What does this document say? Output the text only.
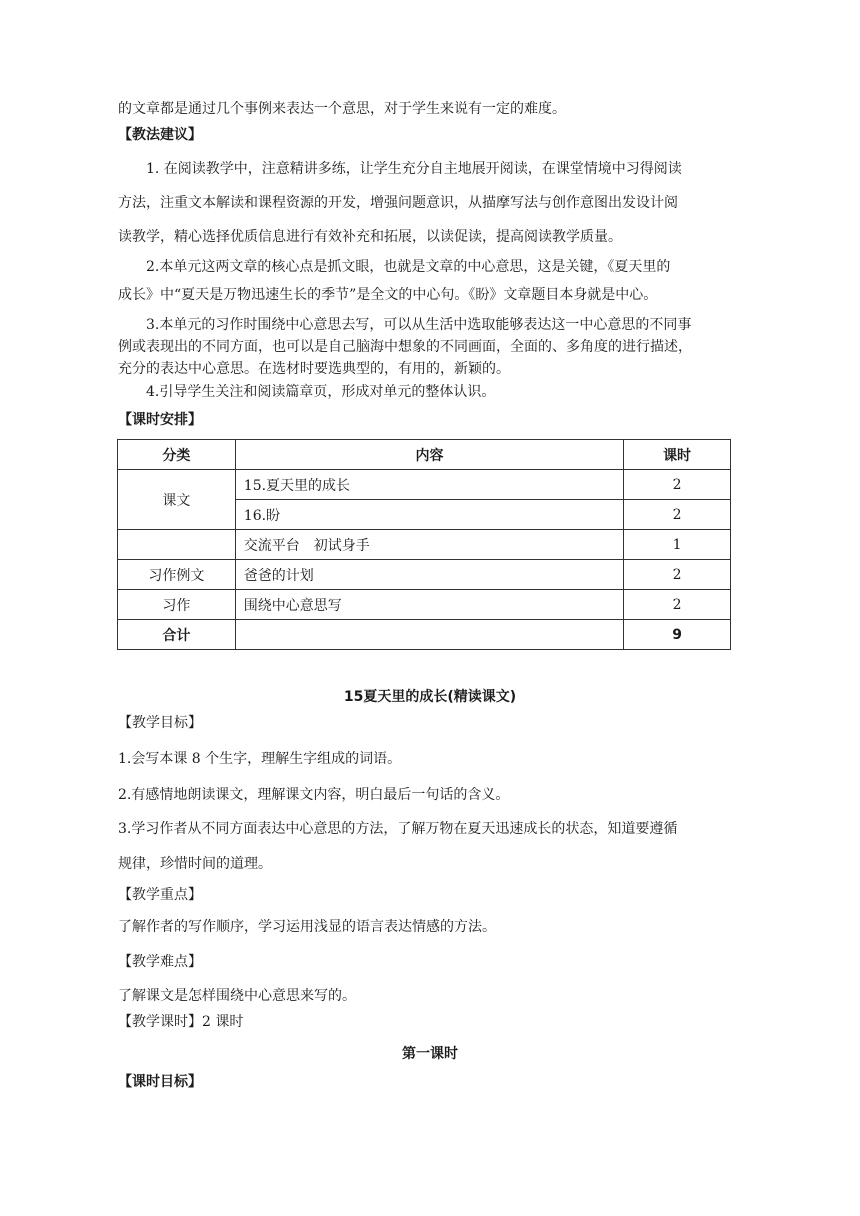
的文章都是通过几个事例来表达一个意思，对于学生来说有一定的难度。
【教法建议】
1. 在阅读教学中，注意精讲多练，让学生充分自主地展开阅读，在课堂情境中习得阅读
方法，注重文本解读和课程资源的开发，增强问题意识，从描摩写法与创作意图出发设计阅
读教学，精心选择优质信息进行有效补充和拓展，以读促读，提高阅读教学质量。
2.本单元这两文章的核心点是抓文眼，也就是文章的中心意思，这是关键，《夏天里的
成长》中“夏天是万物迅速生长的季节”是全文的中心句。《盼》文章题目本身就是中心。
3.本单元的习作时围绕中心意思去写，可以从生活中选取能够表达这一中心意思的不同事
例或表现出的不同方面，也可以是自己脑海中想象的不同画面，全面的、多角度的进行描述，
充分的表达中心意思。在选材时要选典型的，有用的，新颖的。
4.引导学生关注和阅读篇章页，形成对单元的整体认识。
【课时安排】
分类	内容	课时
课文	15.夏天里的成长	2
	16.盼	2
	交流平台　初试身手	1
习作例文	爸爸的计划	2
习作	围绕中心意思写	2
合计		9
15夏天里的成长(精读课文)
【教学目标】
1.会写本课 8 个生字，理解生字组成的词语。
2.有感情地朗读课文，理解课文内容，明白最后一句话的含义。
3.学习作者从不同方面表达中心意思的方法，了解万物在夏天迅速成长的状态，知道要遵循
规律，珍惜时间的道理。
【教学重点】
了解作者的写作顺序，学习运用浅显的语言表达情感的方法。
【教学难点】
了解课文是怎样围绕中心意思来写的。
【教学课时】2 课时
第一课时
【课时目标】
